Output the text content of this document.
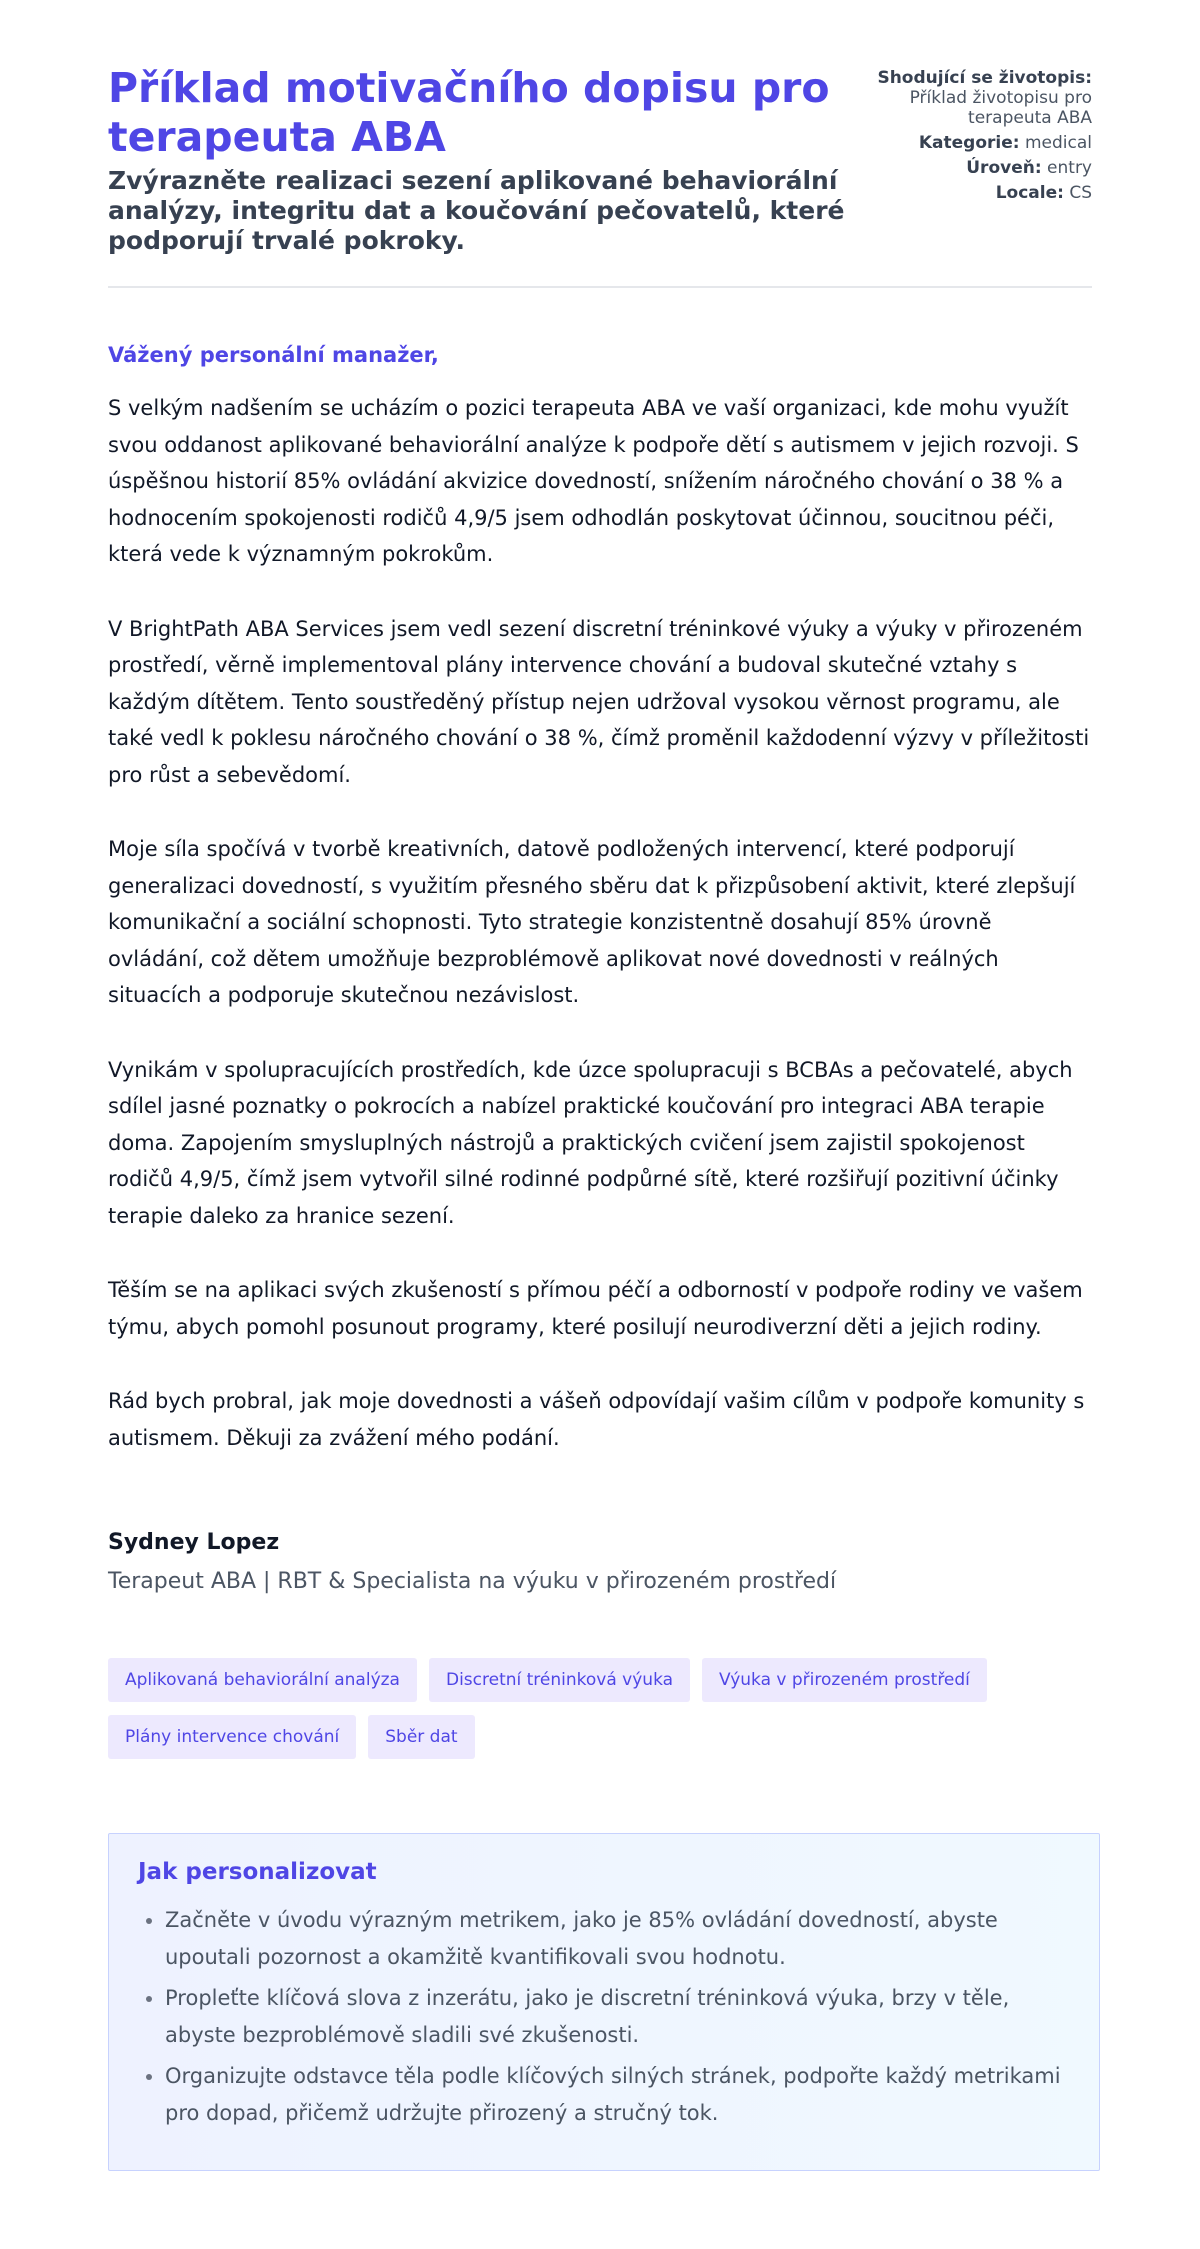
Příklad motivačního dopisu pro terapeuta ABA

Zvýrazněte realizaci sezení aplikované behaviorální analýzy, integritu dat a koučování pečovatelů, které podporují trvalé pokroky.

Shodující se životopis: Příklad životopisu pro terapeuta ABA
Kategorie: medical
Úroveň: entry
Locale: CS

Vážený personální manažer,

S velkým nadšením se ucházím o pozici terapeuta ABA ve vaší organizaci, kde mohu využít svou oddanost aplikované behaviorální analýze k podpoře dětí s autismem v jejich rozvoji. S úspěšnou historií 85% ovládání akvizice dovedností, snížením náročného chování o 38 % a hodnocením spokojenosti rodičů 4,9/5 jsem odhodlán poskytovat účinnou, soucitnou péči, která vede k významným pokrokům.

V BrightPath ABA Services jsem vedl sezení discretní tréninkové výuky a výuky v přirozeném prostředí, věrně implementoval plány intervence chování a budoval skutečné vztahy s každým dítětem. Tento soustředěný přístup nejen udržoval vysokou věrnost programu, ale také vedl k poklesu náročného chování o 38 %, čímž proměnil každodenní výzvy v příležitosti pro růst a sebevědomí.

Moje síla spočívá v tvorbě kreativních, datově podložených intervencí, které podporují generalizaci dovedností, s využitím přesného sběru dat k přizpůsobení aktivit, které zlepšují komunikační a sociální schopnosti. Tyto strategie konzistentně dosahují 85% úrovně ovládání, což dětem umožňuje bezproblémově aplikovat nové dovednosti v reálných situacích a podporuje skutečnou nezávislost.

Vynikám v spolupracujících prostředích, kde úzce spolupracuji s BCBAs a pečovatelé, abych sdílel jasné poznatky o pokrocích a nabízel praktické koučování pro integraci ABA terapie doma. Zapojením smysluplných nástrojů a praktických cvičení jsem zajistil spokojenost rodičů 4,9/5, čímž jsem vytvořil silné rodinné podpůrné sítě, které rozšiřují pozitivní účinky terapie daleko za hranice sezení.

Těším se na aplikaci svých zkušeností s přímou péčí a odborností v podpoře rodiny ve vašem týmu, abych pomohl posunout programy, které posilují neurodiverzní děti a jejich rodiny.

Rád bych probral, jak moje dovednosti a vášeň odpovídají vašim cílům v podpoře komunity s autismem. Děkuji za zvážení mého podání.

Sydney Lopez
Terapeut ABA | RBT & Specialista na výuku v přirozeném prostředí
Aplikovaná behaviorální analýza	Discretní tréninková výuka	Výuka v přirozeném prostředí
Plány intervence chování	Sběr dat
Jak personalizovat
• Začněte v úvodu výrazným metrikem, jako je 85% ovládání dovedností, abyste upoutali pozornost a okamžitě kvantifikovali svou hodnotu.
• Propleťte klíčová slova z inzerátu, jako je discretní tréninková výuka, brzy v těle, abyste bezproblémově sladili své zkušenosti.
• Organizujte odstavce těla podle klíčových silných stránek, podpořte každý metrikami pro dopad, přičemž udržujte přirozený a stručný tok.
